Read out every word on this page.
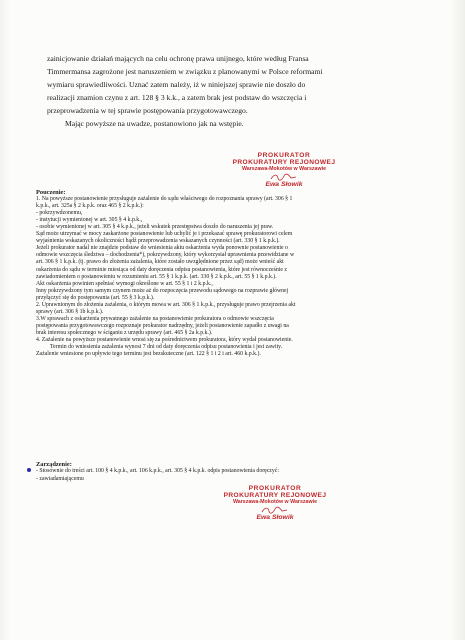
zainicjowanie działań mających na celu ochronę prawa unijnego, które według Fransa

Timmermansa zagrożone jest naruszeniem w związku z planowanymi w Polsce reformami

wymiaru sprawiedliwości. Uznać zatem należy, iż w niniejszej sprawie nie doszło do

realizacji znamion czynu z art. 128 § 3 k.k., a zatem brak jest podstaw do wszczęcia i

przeprowadzenia w tej sprawie postępowania przygotowawczego.

Mając powyższe na uwadze, postanowiono jak na wstępie.

PROKURATOR
PROKURATURY REJONOWEJ
Warszawa-Mokotów w Warszawie
Ewa Słowik

Pouczenie:

1. Na powyższe postanowienie przysługuje zażalenie do sądu właściwego do rozpoznania sprawy (art. 306 § 1

k.p.k., art. 325a § 2 k.p.k. oraz 465 § 2 k.p.k.):

- pokrzywdzonemu,

- instytucji wymienionej w art. 305 § 4 k.p.k.,

- osobie wymienionej w art. 305 § 4 k.p.k., jeżeli wskutek przestępstwa doszło do naruszenia jej praw.

Sąd może utrzymać w mocy zaskarżone postanowienie lub uchylić je i przekazać sprawę prokuratorowi celem

wyjaśnienia wskazanych okoliczności bądź przeprowadzenia wskazanych czynności (art. 330 § 1 k.p.k.).

Jeżeli prokurator nadal nie znajdzie podstaw do wniesienia aktu oskarżenia wyda ponownie postanowienie o

odmowie wszczęcia śledztwa – dochodzenia*), pokrzywdzony, który wykorzystał uprawnienia przewidziane w

art. 306 § 1 k.p.k. (tj. prawo do złożenia zażalenia, które zostało uwzględnione przez sąd) może wnieść akt

oskarżenia do sądu w terminie miesiąca od daty doręczenia odpisu postanowienia, które jest równocześnie z

zawiadomieniem o postanowieniu w rozumieniu art. 55 § 1 k.p.k. (art. 330 § 2 k.p.k., art. 55 § 1 k.p.k.).

Akt oskarżenia powinien spełniać wymogi określone w art. 55 § 1 i 2 k.p.k.,

Inny pokrzywdzony tym samym czynem może aż do rozpoczęcia przewodu sądowego na rozprawie głównej

przyłączyć się do postępowania (art. 55 § 3 k.p.k.).

2. Uprawnionym do złożenia zażalenia, o którym mowa w art. 306 § 1 k.p.k., przysługuje prawo przejrzenia akt

sprawy (art. 306 § 1b k.p.k.).

3.W sprawach z oskarżenia prywatnego zażalenie na postanowienie prokuratora o odmowie wszczęcia

postępowania przygotowawczego rozpoznaje prokurator nadrzędny, jeżeli postanowienie zapadło z uwagi na

brak interesu społecznego w ściganiu z urzędu sprawy (art. 465 § 2a k.p.k.).

4. Zażalenie na powyższe postanowienie wnosi się za pośrednictwem prokuratora, który wydał postanowienie.

Termin do wniesienia zażalenia wynosi 7 dni od daty doręczenia odpisu postanowienia i jest zawity.

Zażalenie wniesione po upływie tego terminu jest bezskuteczne (art. 122 § 1 i 2 i art. 460 k.p.k.).

Zarządzenie:

- Stosownie do treści art. 100 § 4 k.p.k., art. 106 k.p.k., art. 305 § 4 k.p.k. odpis postanowienia doręczyć:

- zawiadamiającemu

PROKURATOR
PROKURATURY REJONOWEJ
Warszawa-Mokotów w Warszawie
Ewa Słowik
